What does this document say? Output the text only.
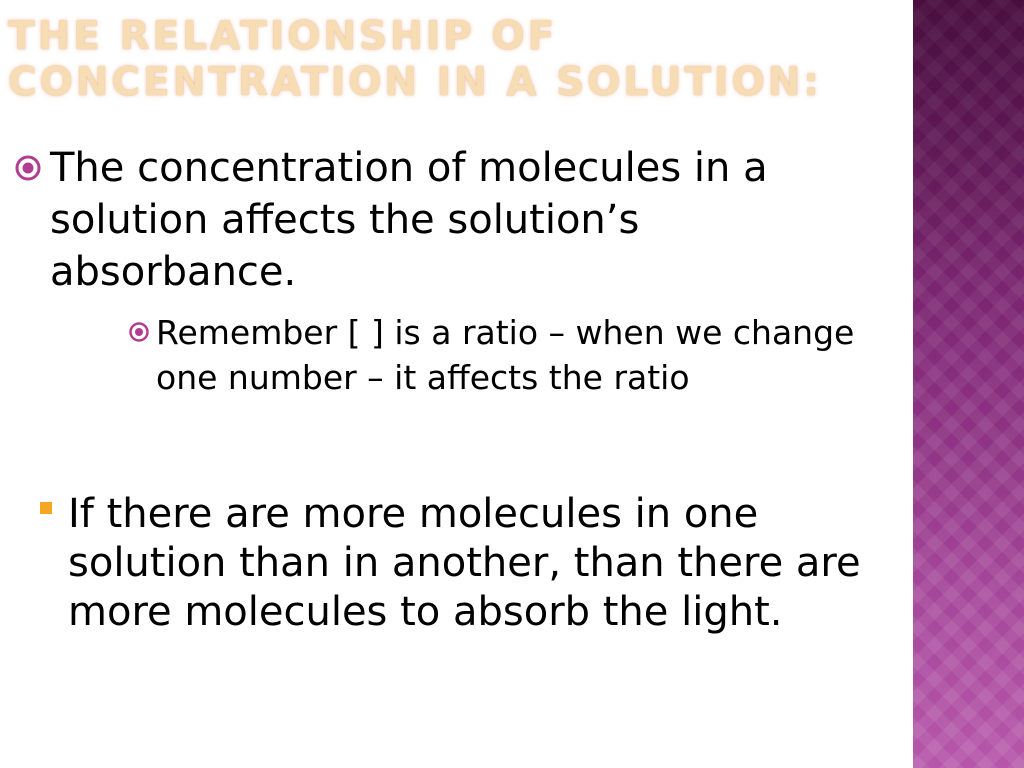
THE RELATIONSHIP OF
CONCENTRATION IN A SOLUTION:
The concentration of molecules in a solution affects the solution’s absorbance.
Remember [ ] is a ratio – when we change one number – it affects the ratio
If there are more molecules in one solution than in another, than there are more molecules to absorb the light.
